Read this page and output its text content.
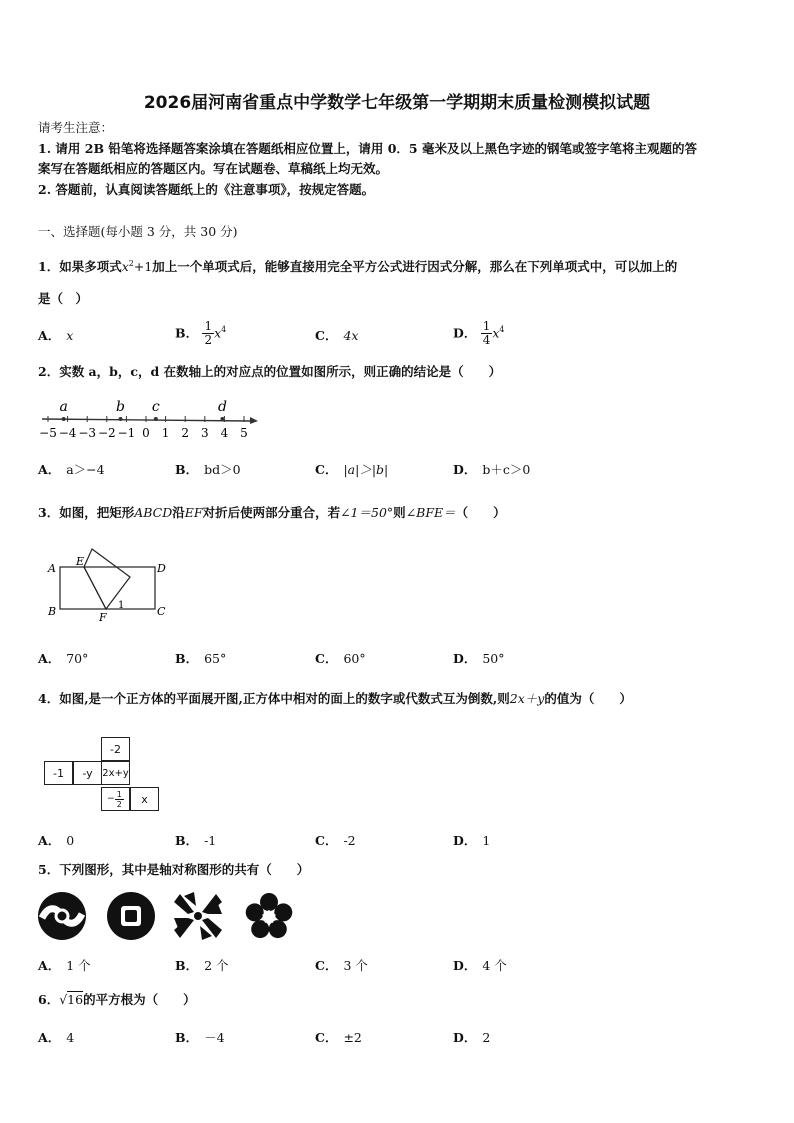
2026届河南省重点中学数学七年级第一学期期末质量检测模拟试题
请考生注意：
1. 请用 2B 铅笔将选择题答案涂填在答题纸相应位置上，请用 0．5 毫米及以上黑色字迹的钢笔或签字笔将主观题的答
案写在答题纸相应的答题区内。写在试题卷、草稿纸上均无效。
2. 答题前，认真阅读答题纸上的《注意事项》，按规定答题。
一、选择题(每小题 3 分，共 30 分)
1．如果多项式$x^2+1$加上一个单项式后，能够直接用完全平方公式进行因式分解，那么在下列单项式中，可以加上的
是（　）
A． x	B． $\frac{1}{2} x^4$	C． 4x	D． $\frac{1}{4} x^4$
2．实数 a，b，c，d 在数轴上的对应点的位置如图所示，则正确的结论是（　　）
−5 −4 −3 −2 −1 0 1 2 3 4 5
a	b c	d
A． a＞−4	B． bd＞0	C． |a|＞|b|	D． b＋c＞0
3．如图，把矩形ABCD沿EF对折后使两部分重合，若∠1＝50°则∠BFE＝（　　）
A
E
D
B	F	C
1
A． 70°	B． 65°	C． 60°	D． 50°
4．如图,是一个正方体的平面展开图,正方体中相对的面上的数字或代数式互为倒数,则2x＋y的值为（　　）
-2
-1	-y 2x+y
− $\frac{1}{2}$	x
A． 0	B． -1	C． -2	D． 1
5．下列图形，其中是轴对称图形的共有（　　）
A． 1 个	B． 2 个	C． 3 个	D． 4 个
6．√16的平方根为（　　）
A． 4	B． －4	C． ±2	D． 2
